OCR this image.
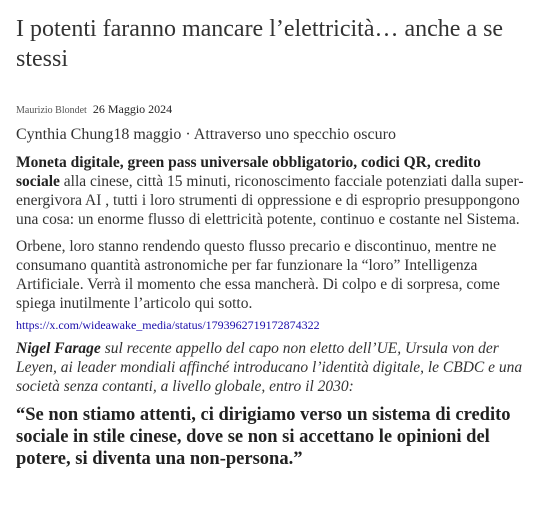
I potenti faranno mancare l’elettricità… anche a se stessi
Maurizio Blondet 26 Maggio 2024
Cynthia Chung18 maggio · Attraverso uno specchio oscuro
Moneta digitale, green pass universale obbligatorio, codici QR, credito sociale alla cinese, città 15 minuti, riconoscimento facciale potenziati dalla super-energivora AI , tutti i loro strumenti di oppressione e di esproprio presuppongono una cosa: un enorme flusso di elettricità potente, continuo e costante nel Sistema.
Orbene, loro stanno rendendo questo flusso precario e discontinuo, mentre ne consumano quantità astronomiche per far funzionare la “loro” Intelligenza Artificiale. Verrà il momento che essa mancherà. Di colpo e di sorpresa, come spiega inutilmente l’articolo qui sotto.
https://x.com/wideawake_media/status/1793962719172874322
Nigel Farage sul recente appello del capo non eletto dell’UE, Ursula von der Leyen, ai leader mondiali affinché introducano l’identità digitale, le CBDC e una società senza contanti, a livello globale, entro il 2030:
“Se non stiamo attenti, ci dirigiamo verso un sistema di credito sociale in stile cinese, dove se non si accettano le opinioni del potere, si diventa una non-persona.”
